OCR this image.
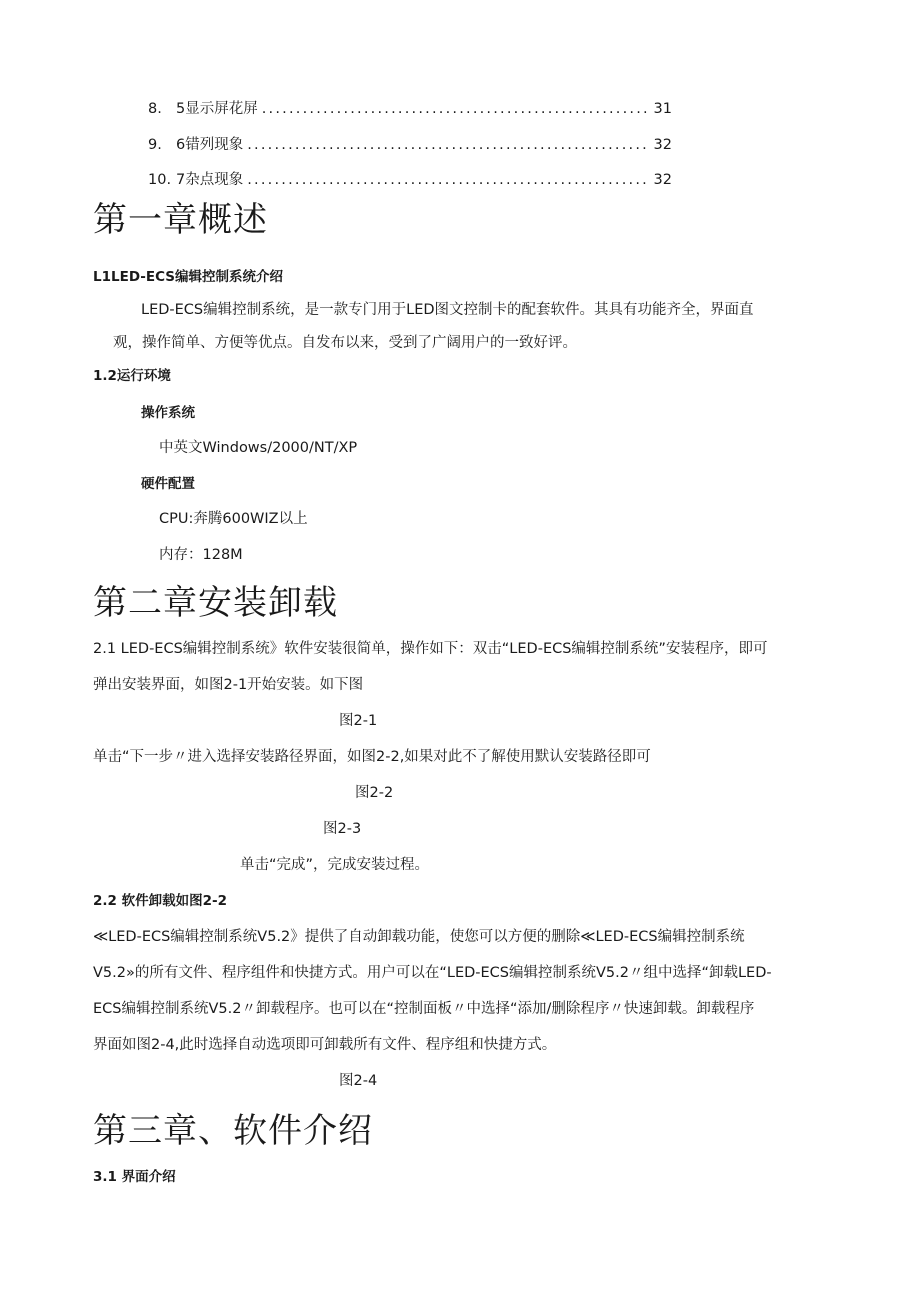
8. 5显示屏花屏 .....	31
9. 6错列现象 .....	32
10. 7杂点现象 .....	32
第一章概述
L1LED-ECS编辑控制系统介绍
LED-ECS编辑控制系统，是一款专门用于LED图文控制卡的配套软件。其具有功能齐全，界面直
观，操作简单、方便等优点。自发布以来，受到了广阔用户的一致好评。
1.2运行环境
操作系统
中英文Windows/2000/NT/XP
硬件配置
CPU:奔腾600WIZ以上
内存：128M
第二章安装卸载
2.1 LED-ECS编辑控制系统》软件安装很简单，操作如下：双击“LED-ECS编辑控制系统”安装程序，即可
弹出安装界面，如图2-1开始安装。如下图
图2-1
单击“下一步〃进入选择安装路径界面，如图2-2,如果对此不了解使用默认安装路径即可
图2-2
图2-3
单击“完成”，完成安装过程。
2.2 软件卸载如图2-2
≪LED-ECS编辑控制系统V5.2》提供了自动卸载功能，使您可以方便的删除≪LED-ECS编辑控制系统
V5.2»的所有文件、程序组件和快捷方式。用户可以在“LED-ECS编辑控制系统V5.2〃组中选择“卸载LED-
ECS编辑控制系统V5.2〃卸载程序。也可以在“控制面板〃中选择“添加/删除程序〃快速卸载。卸载程序
界面如图2-4,此时选择自动选项即可卸载所有文件、程序组和快捷方式。
图2-4
第三章、软件介绍
3.1 界面介绍
